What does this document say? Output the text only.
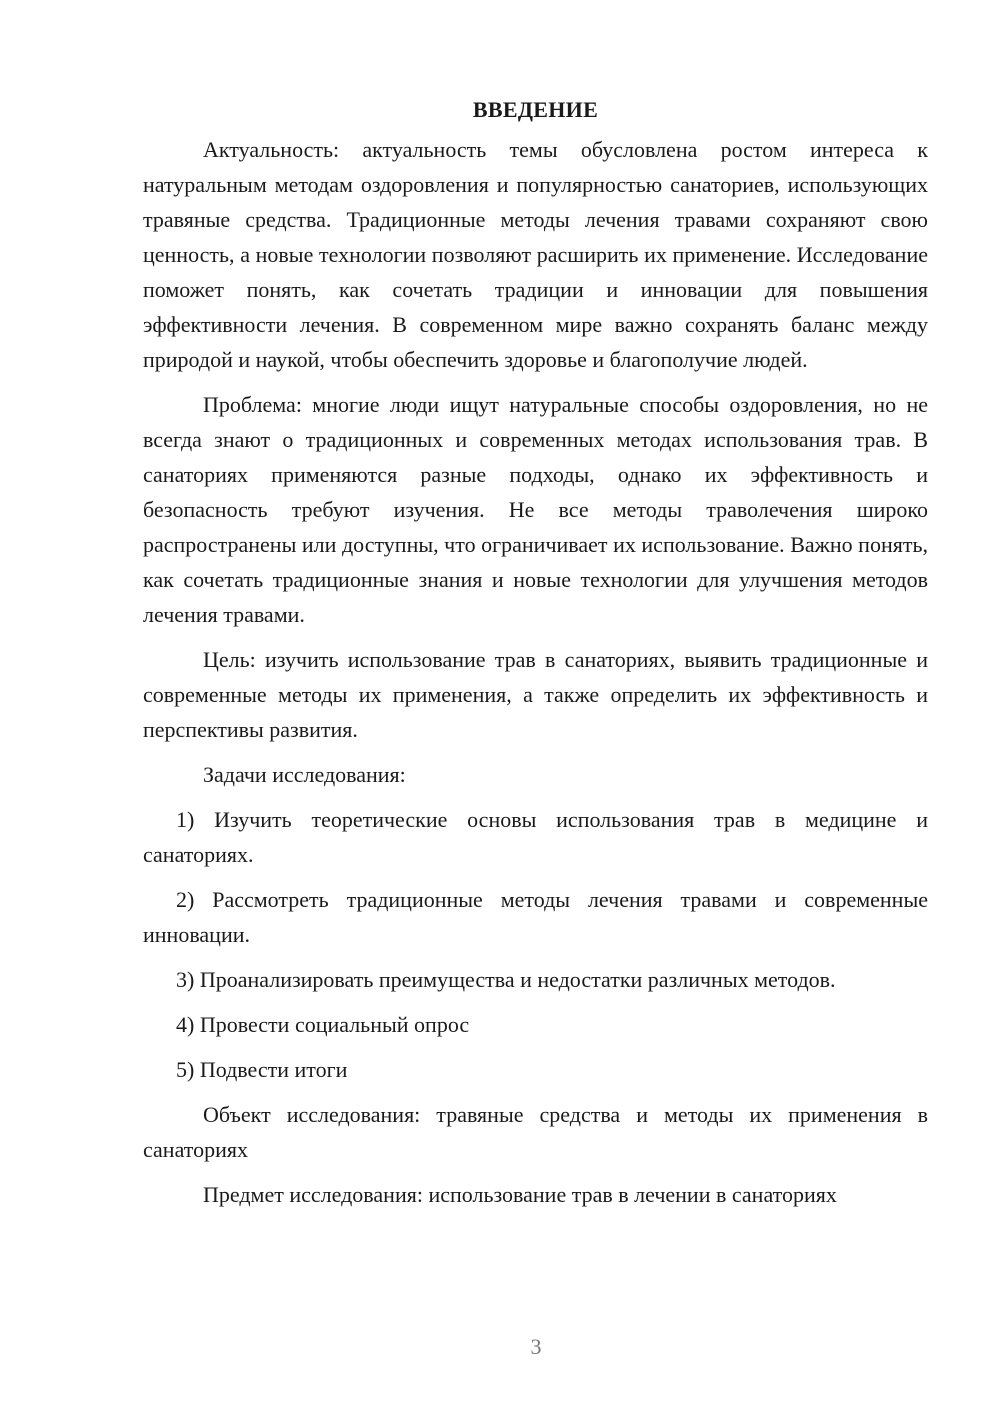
ВВЕДЕНИЕ

Актуальность: актуальность темы обусловлена ростом интереса к натуральным методам оздоровления и популярностью санаториев, использующих травяные средства. Традиционные методы лечения травами сохраняют свою ценность, а новые технологии позволяют расширить их применение. Исследование поможет понять, как сочетать традиции и инновации для повышения эффективности лечения. В современном мире важно сохранять баланс между природой и наукой, чтобы обеспечить здоровье и благополучие людей.

Проблема: многие люди ищут натуральные способы оздоровления, но не всегда знают о традиционных и современных методах использования трав. В санаториях применяются разные подходы, однако их эффективность и безопасность требуют изучения. Не все методы траволечения широко распространены или доступны, что ограничивает их использование. Важно понять, как сочетать традиционные знания и новые технологии для улучшения методов лечения травами.

Цель: изучить использование трав в санаториях, выявить традиционные и современные методы их применения, а также определить их эффективность и перспективы развития.

Задачи исследования:

1) Изучить теоретические основы использования трав в медицине и санаториях.

2) Рассмотреть традиционные методы лечения травами и современные инновации.

3) Проанализировать преимущества и недостатки различных методов.

4) Провести социальный опрос

5) Подвести итоги

Объект исследования: травяные средства и методы их применения в санаториях

Предмет исследования: использование трав в лечении в санаториях

3
